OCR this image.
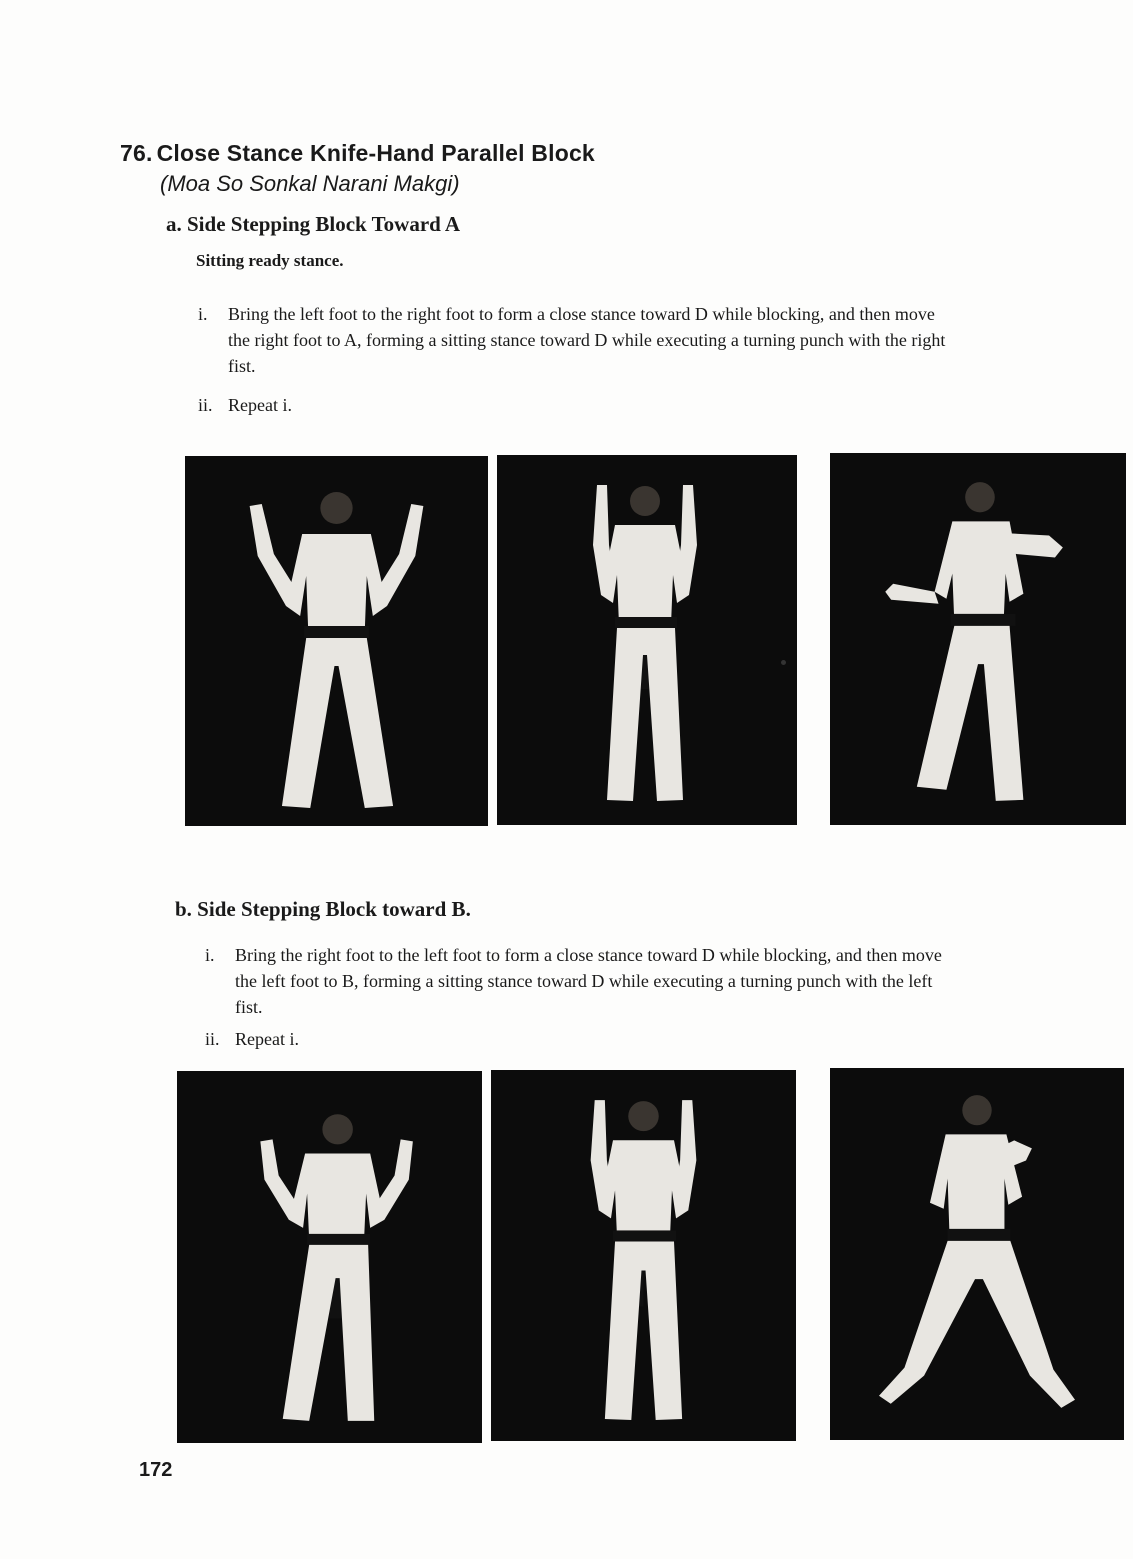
76. Close Stance Knife-Hand Parallel Block
(Moa So Sonkal Narani Makgi)
a. Side Stepping Block Toward A
Sitting ready stance.
i. Bring the left foot to the right foot to form a close stance toward D while blocking, and then move the right foot to A, forming a sitting stance toward D while executing a turning punch with the right fist.
ii. Repeat i.
b. Side Stepping Block toward B.
i. Bring the right foot to the left foot to form a close stance toward D while blocking, and then move the left foot to B, forming a sitting stance toward D while executing a turning punch with the left fist.
ii. Repeat i.
172
